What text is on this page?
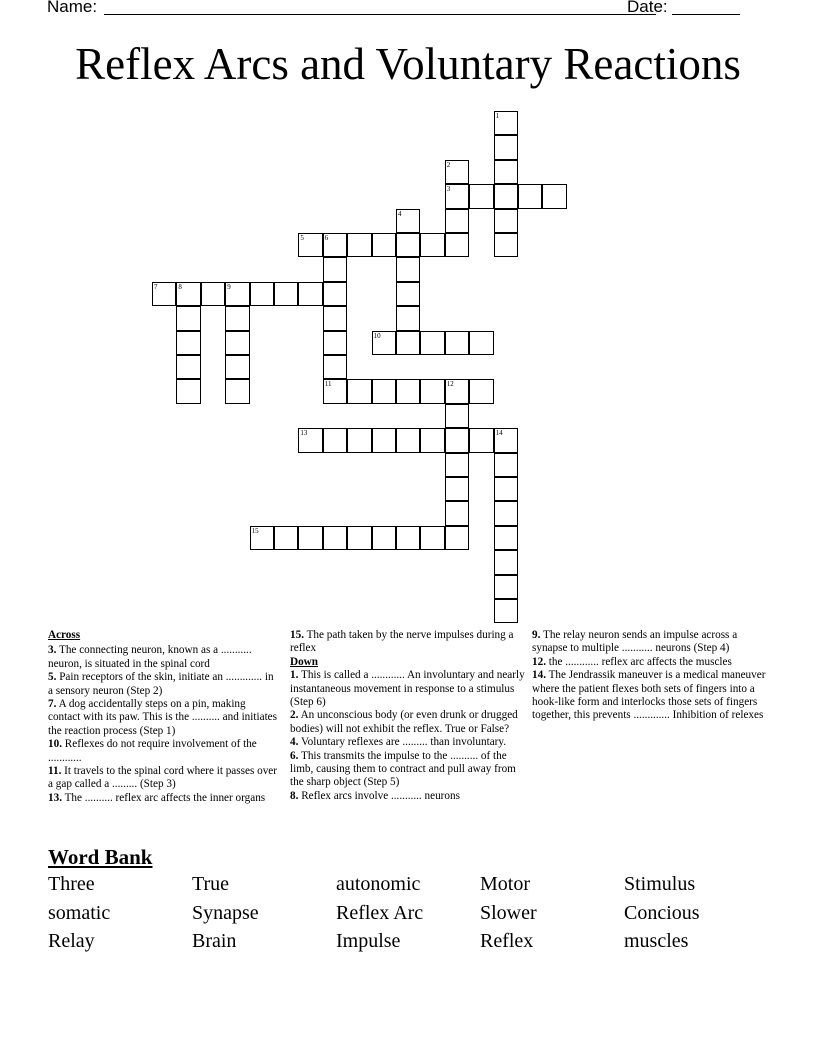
Name:	Date:
Reflex Arcs and Voluntary Reactions
3
5	6
7	8	9
10
11	12
13	14
15
1
2
4
Across
3. The connecting neuron, known as a ........... neuron, is situated in the spinal cord
5. Pain receptors of the skin, initiate an ............. in a sensory neuron (Step 2)
7. A dog accidentally steps on a pin, making contact with its paw. This is the .......... and initiates the reaction process (Step 1)
10. Reflexes do not require involvement of the ............
11. It travels to the spinal cord where it passes over a gap called a ......... (Step 3)
13. The .......... reflex arc affects the inner organs
15. The path taken by the nerve impulses during a reflex
Down
1. This is called a ............ An involuntary and nearly instantaneous movement in response to a stimulus (Step 6)
2. An unconscious body (or even drunk or drugged bodies) will not exhibit the reflex. True or False?
4. Voluntary reflexes are ......... than involuntary.
6. This transmits the impulse to the .......... of the limb, causing them to contract and pull away from the sharp object (Step 5)
8. Reflex arcs involve ........... neurons
9. The relay neuron sends an impulse across a synapse to multiple ........... neurons (Step 4)
12. the ............ reflex arc affects the muscles
14. The Jendrassik maneuver is a medical maneuver where the patient flexes both sets of fingers into a hook-like form and interlocks those sets of fingers together, this prevents ............. Inhibition of relexes
Word Bank
Three	True	autonomic	Motor	Stimulus
somatic	Synapse	Reflex Arc	Slower	Concious
Relay	Brain	Impulse	Reflex	muscles
